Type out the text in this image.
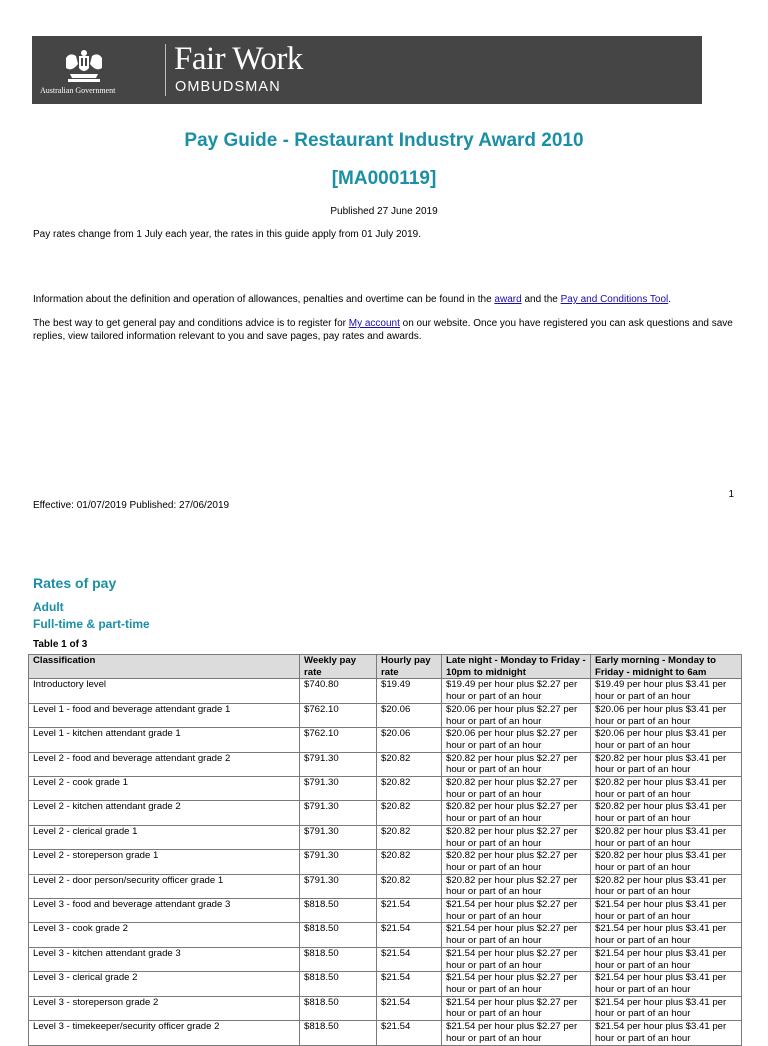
Australian Government
Fair Work
OMBUDSMAN
Pay Guide - Restaurant Industry Award 2010
[MA000119]
Published 27 June 2019
Pay rates change from 1 July each year, the rates in this guide apply from 01 July 2019.
Information about the definition and operation of allowances, penalties and overtime can be found in the award and the Pay and Conditions Tool.
The best way to get general pay and conditions advice is to register for My account on our website. Once you have registered you can ask questions and save replies, view tailored information relevant to you and save pages, pay rates and awards.
1
Effective: 01/07/2019 Published: 27/06/2019
Rates of pay
Adult
Full-time & part-time
Table 1 of 3
Classification	Weekly pay rate	Hourly pay rate	Late night - Monday to Friday - 10pm to midnight	Early morning - Monday to Friday - midnight to 6am
Introductory level	$740.80	$19.49	$19.49 per hour plus $2.27 per hour or part of an hour	$19.49 per hour plus $3.41 per hour or part of an hour
Level 1 - food and beverage attendant grade 1	$762.10	$20.06	$20.06 per hour plus $2.27 per hour or part of an hour	$20.06 per hour plus $3.41 per hour or part of an hour
Level 1 - kitchen attendant grade 1	$762.10	$20.06	$20.06 per hour plus $2.27 per hour or part of an hour	$20.06 per hour plus $3.41 per hour or part of an hour
Level 2 - food and beverage attendant grade 2	$791.30	$20.82	$20.82 per hour plus $2.27 per hour or part of an hour	$20.82 per hour plus $3.41 per hour or part of an hour
Level 2 - cook grade 1	$791.30	$20.82	$20.82 per hour plus $2.27 per hour or part of an hour	$20.82 per hour plus $3.41 per hour or part of an hour
Level 2 - kitchen attendant grade 2	$791.30	$20.82	$20.82 per hour plus $2.27 per hour or part of an hour	$20.82 per hour plus $3.41 per hour or part of an hour
Level 2 - clerical grade 1	$791.30	$20.82	$20.82 per hour plus $2.27 per hour or part of an hour	$20.82 per hour plus $3.41 per hour or part of an hour
Level 2 - storeperson grade 1	$791.30	$20.82	$20.82 per hour plus $2.27 per hour or part of an hour	$20.82 per hour plus $3.41 per hour or part of an hour
Level 2 - door person/security officer grade 1	$791.30	$20.82	$20.82 per hour plus $2.27 per hour or part of an hour	$20.82 per hour plus $3.41 per hour or part of an hour
Level 3 - food and beverage attendant grade 3	$818.50	$21.54	$21.54 per hour plus $2.27 per hour or part of an hour	$21.54 per hour plus $3.41 per hour or part of an hour
Level 3 - cook grade 2	$818.50	$21.54	$21.54 per hour plus $2.27 per hour or part of an hour	$21.54 per hour plus $3.41 per hour or part of an hour
Level 3 - kitchen attendant grade 3	$818.50	$21.54	$21.54 per hour plus $2.27 per hour or part of an hour	$21.54 per hour plus $3.41 per hour or part of an hour
Level 3 - clerical grade 2	$818.50	$21.54	$21.54 per hour plus $2.27 per hour or part of an hour	$21.54 per hour plus $3.41 per hour or part of an hour
Level 3 - storeperson grade 2	$818.50	$21.54	$21.54 per hour plus $2.27 per hour or part of an hour	$21.54 per hour plus $3.41 per hour or part of an hour
Level 3 - timekeeper/security officer grade 2	$818.50	$21.54	$21.54 per hour plus $2.27 per hour or part of an hour	$21.54 per hour plus $3.41 per hour or part of an hour
